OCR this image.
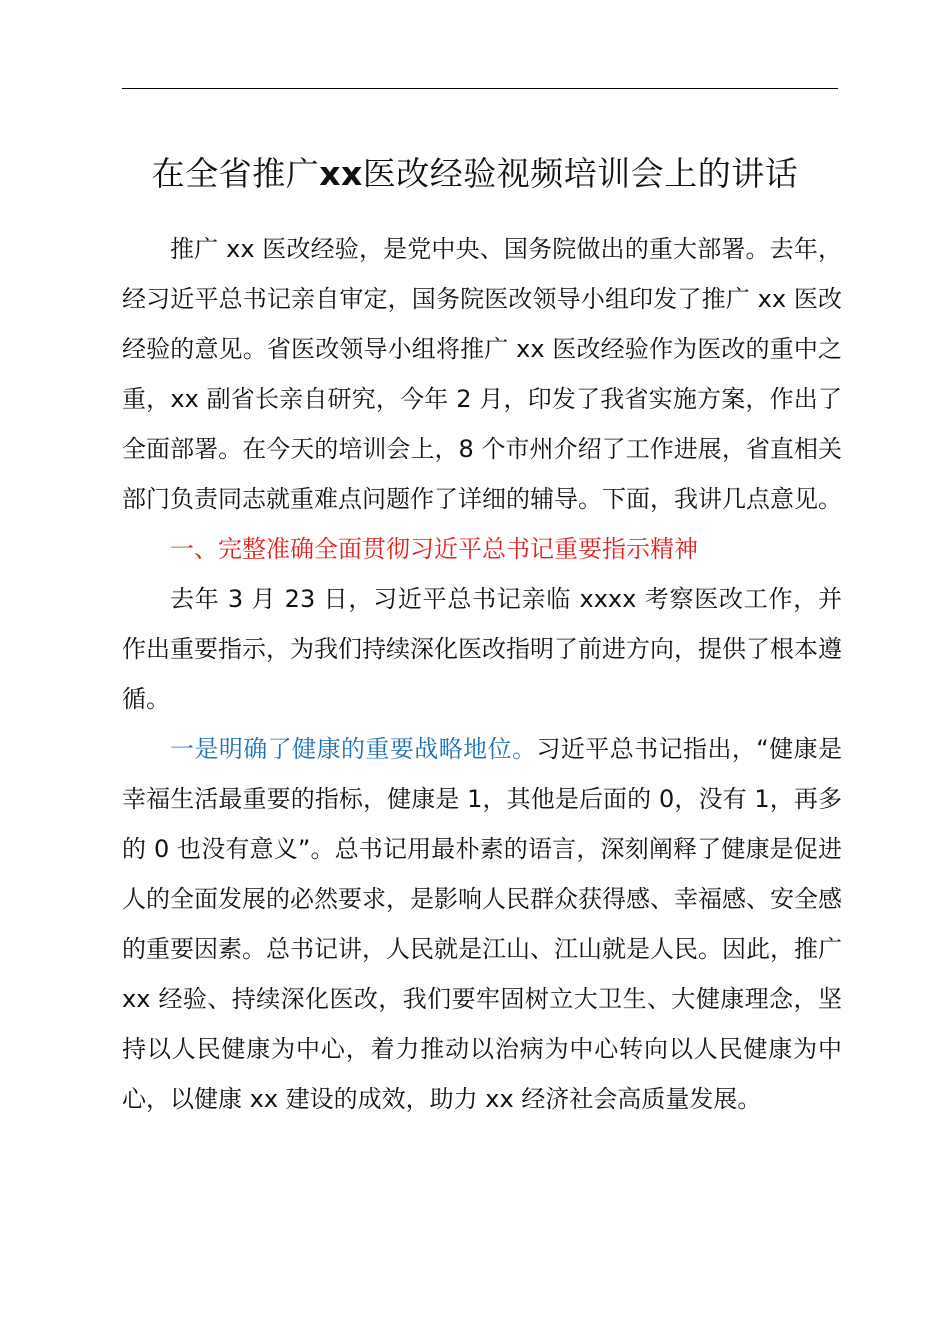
在全省推广xx医改经验视频培训会上的讲话

推广 xx 医改经验，是党中央、国务院做出的重大部署。去年，经习近平总书记亲自审定，国务院医改领导小组印发了推广 xx 医改经验的意见。省医改领导小组将推广 xx 医改经验作为医改的重中之重，xx 副省长亲自研究，今年 2 月，印发了我省实施方案，作出了全面部署。在今天的培训会上，8 个市州介绍了工作进展，省直相关部门负责同志就重难点问题作了详细的辅导。下面，我讲几点意见。

一、完整准确全面贯彻习近平总书记重要指示精神

去年 3 月 23 日，习近平总书记亲临 xxxx 考察医改工作，并作出重要指示，为我们持续深化医改指明了前进方向，提供了根本遵循。

一是明确了健康的重要战略地位。习近平总书记指出，“健康是幸福生活最重要的指标，健康是 1，其他是后面的 0，没有 1，再多的 0 也没有意义”。总书记用最朴素的语言，深刻阐释了健康是促进人的全面发展的必然要求，是影响人民群众获得感、幸福感、安全感的重要因素。总书记讲，人民就是江山、江山就是人民。因此，推广 xx 经验、持续深化医改，我们要牢固树立大卫生、大健康理念，坚持以人民健康为中心，着力推动以治病为中心转向以人民健康为中心，以健康 xx 建设的成效，助力 xx 经济社会高质量发展。
